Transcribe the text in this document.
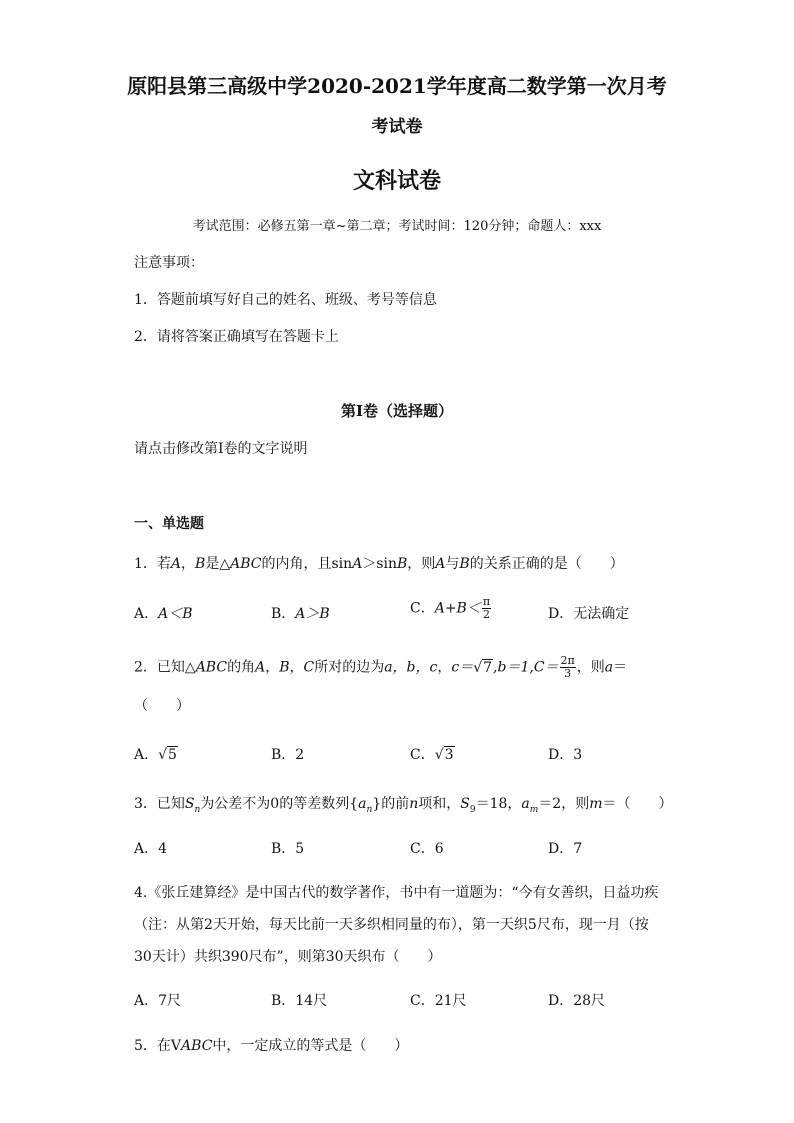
原阳县第三高级中学2020-2021学年度高二数学第一次月考
考试卷
文科试卷
考试范围：必修五第一章~第二章；考试时间：120分钟；命题人：xxx
注意事项：
1．答题前填写好自己的姓名、班级、考号等信息
2．请将答案正确填写在答题卡上
第I卷（选择题）
请点击修改第I卷的文字说明
一、单选题
1．若A，B是△ABC的内角，且sinA＞sinB，则A与B的关系正确的是（　　）
A．A＜B	B．A＞B	C．$A+B< \frac{\pi}{2}$	D．无法确定
2．已知△ABC的角A，B，C所对的边为a，b，c，$c=√7,b=1,C= \frac{2\pi}{3}$ ，则a＝
（　　）
A．√5	B．2	C．√3	D．3
3．已知$S_n$为公差不为0的等差数列$\{a_n\}$的前n项和，$S_9=18$，$a_m=2$，则m＝（　　）
A．4	B．5	C．6	D．7
4.《张丘建算经》是中国古代的数学著作，书中有一道题为：“今有女善织，日益功疾
（注：从第2天开始，每天比前一天多织相同量的布），第一天织5尺布，现一月（按
30天计）共织390尺布”，则第30天织布（　　）
A．7尺	B．14尺	C．21尺	D．28尺
5．在VABC中，一定成立的等式是（　　）
